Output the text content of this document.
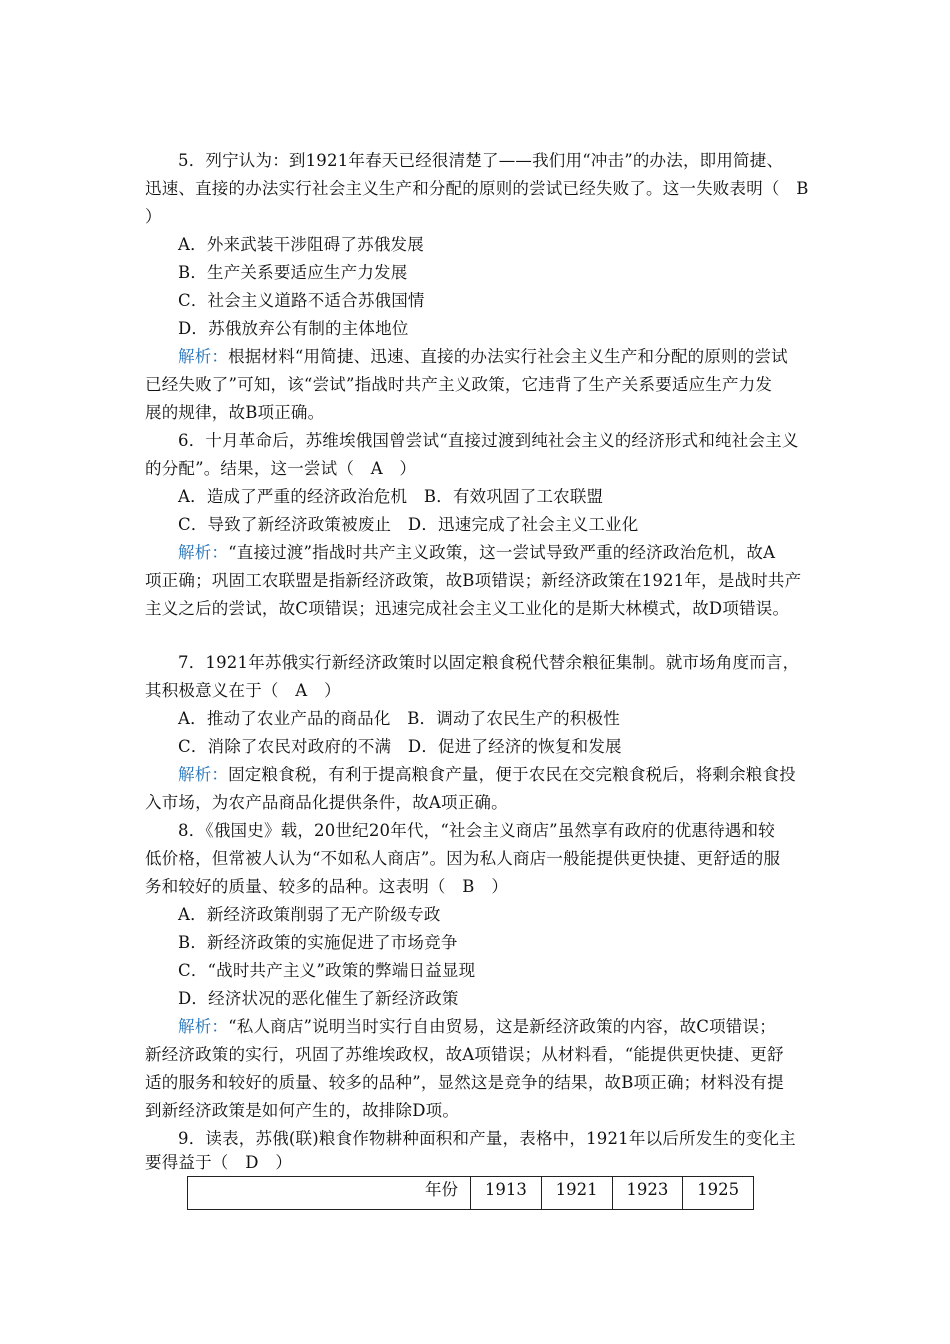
5．列宁认为：到1921年春天已经很清楚了——我们用“冲击”的办法，即用简捷、
迅速、直接的办法实行社会主义生产和分配的原则的尝试已经失败了。这一失败表明（　B
）
A．外来武装干涉阻碍了苏俄发展
B．生产关系要适应生产力发展
C．社会主义道路不适合苏俄国情
D．苏俄放弃公有制的主体地位
解析：根据材料“用简捷、迅速、直接的办法实行社会主义生产和分配的原则的尝试
已经失败了”可知，该“尝试”指战时共产主义政策，它违背了生产关系要适应生产力发
展的规律，故B项正确。
6．十月革命后，苏维埃俄国曾尝试“直接过渡到纯社会主义的经济形式和纯社会主义
的分配”。结果，这一尝试（　A　）
A．造成了严重的经济政治危机　B．有效巩固了工农联盟
C．导致了新经济政策被废止　D．迅速完成了社会主义工业化
解析：“直接过渡”指战时共产主义政策，这一尝试导致严重的经济政治危机，故A
项正确；巩固工农联盟是指新经济政策，故B项错误；新经济政策在1921年，是战时共产
主义之后的尝试，故C项错误；迅速完成社会主义工业化的是斯大林模式，故D项错误。
7．1921年苏俄实行新经济政策时以固定粮食税代替余粮征集制。就市场角度而言，
其积极意义在于（　A　）
A．推动了农业产品的商品化　B．调动了农民生产的积极性
C．消除了农民对政府的不满　D．促进了经济的恢复和发展
解析：固定粮食税，有利于提高粮食产量，便于农民在交完粮食税后，将剩余粮食投
入市场，为农产品商品化提供条件，故A项正确。
8．《俄国史》载，20世纪20年代，“社会主义商店”虽然享有政府的优惠待遇和较
低价格，但常被人认为“不如私人商店”。因为私人商店一般能提供更快捷、更舒适的服
务和较好的质量、较多的品种。这表明（　B　）
A．新经济政策削弱了无产阶级专政
B．新经济政策的实施促进了市场竞争
C．“战时共产主义”政策的弊端日益显现
D．经济状况的恶化催生了新经济政策
解析：“私人商店”说明当时实行自由贸易，这是新经济政策的内容，故C项错误；
新经济政策的实行，巩固了苏维埃政权，故A项错误；从材料看，“能提供更快捷、更舒
适的服务和较好的质量、较多的品种”，显然这是竞争的结果，故B项正确；材料没有提
到新经济政策是如何产生的，故排除D项。
9．读表，苏俄(联)粮食作物耕种面积和产量，表格中，1921年以后所发生的变化主
要得益于（　D　）
年份	1913	1921	1923	1925
